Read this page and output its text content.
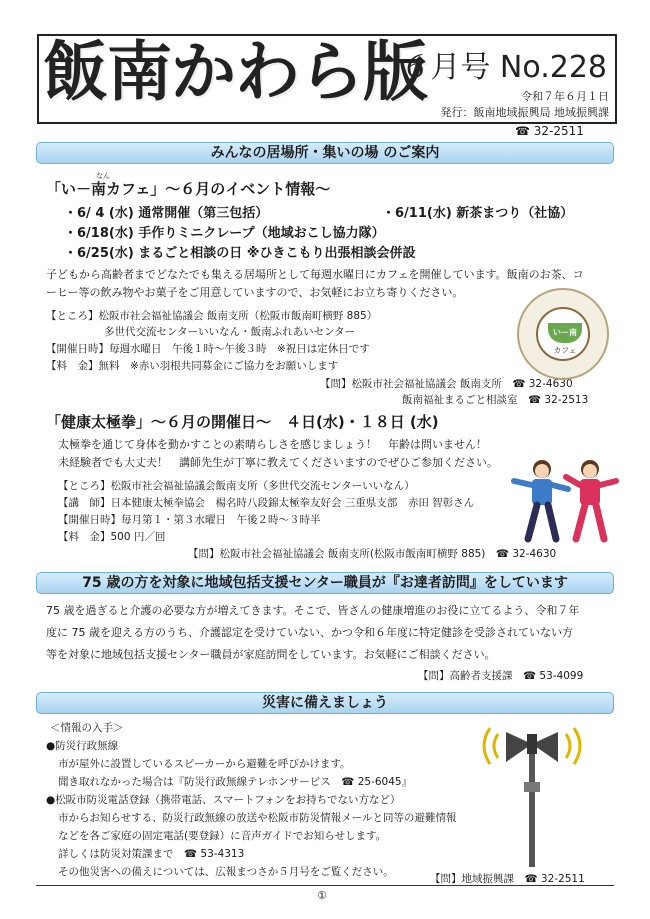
飯南かわら版
６月号 No.228
令和７年６月１日
発行：飯南地域振興局 地域振興課
☎ 32-2511
みんなの居場所・集いの場 のご案内
なん
「い－南カフェ」～６月のイベント情報～
・6/ 4 (水) 通常開催（第三包括）	・6/11(水) 新茶まつり（社協）
・6/18(水) 手作りミニクレープ（地域おこし協力隊）
・6/25(水) まるごと相談の日 ※ひきこもり出張相談会併設
子どもから高齢者までどなたでも集える居場所として毎週水曜日にカフェを開催しています。飯南のお茶、コ
ーヒー等の飲み物やお菓子をご用意していますので、お気軽にお立ち寄りください。
【ところ】松阪市社会福祉協議会 飯南支所（松阪市飯南町横野 885）
多世代交流センターいいなん・飯南ふれあいセンター
【開催日時】毎週水曜日　午後１時～午後３時　※祝日は定休日です
【料　金】無料　※赤い羽根共同募金にご協力をお願いします
【問】松阪市社会福祉協議会 飯南支所　☎ 32-4630
飯南福祉まるごと相談室　☎ 32-2513
い－南
カフェ
「健康太極拳」～６月の開催日～　４日(水)・１８日 (水)
太極拳を通じて身体を動かすことの素晴らしさを感じましょう！　年齢は問いません！
未経験者でも大丈夫！　講師先生が丁寧に教えてくださいますのでぜひご参加ください。
【ところ】松阪市社会福祉協議会飯南支所（多世代交流センターいいなん）
【講　師】日本健康太極拳協会　楊名時八段錦太極拳友好会 三重県支部　赤田 智彰さん
【開催日時】毎月第１・第３水曜日　午後２時～３時半
【料　金】500 円／回
【問】松阪市社会福祉協議会 飯南支所(松阪市飯南町横野 885)　☎ 32-4630
75 歳の方を対象に地域包括支援センター職員が『お達者訪問』をしています
75 歳を過ぎると介護の必要な方が増えてきます。そこで、皆さんの健康増進のお役に立てるよう、令和７年
度に 75 歳を迎える方のうち、介護認定を受けていない、かつ令和６年度に特定健診を受診されていない方
等を対象に地域包括支援センター職員が家庭訪問をしています。お気軽にご相談ください。
【問】高齢者支援課　☎ 53-4099
災害に備えましょう
＜情報の入手＞
●防災行政無線
市が屋外に設置しているスピーカーから避難を呼びかけます。
聞き取れなかった場合は『防災行政無線テレホンサービス　☎ 25-6045』
●松阪市防災電話登録（携帯電話、スマートフォンをお持ちでない方など）
市からお知らせする、防災行政無線の放送や松阪市防災情報メールと同等の避難情報
などを各ご家庭の固定電話(要登録）に音声ガイドでお知らせします。
詳しくは防災対策課まで　☎ 53-4313
その他災害への備えについては、広報まつさか５月号をご覧ください。
【問】地域振興課　☎ 32-2511
①
